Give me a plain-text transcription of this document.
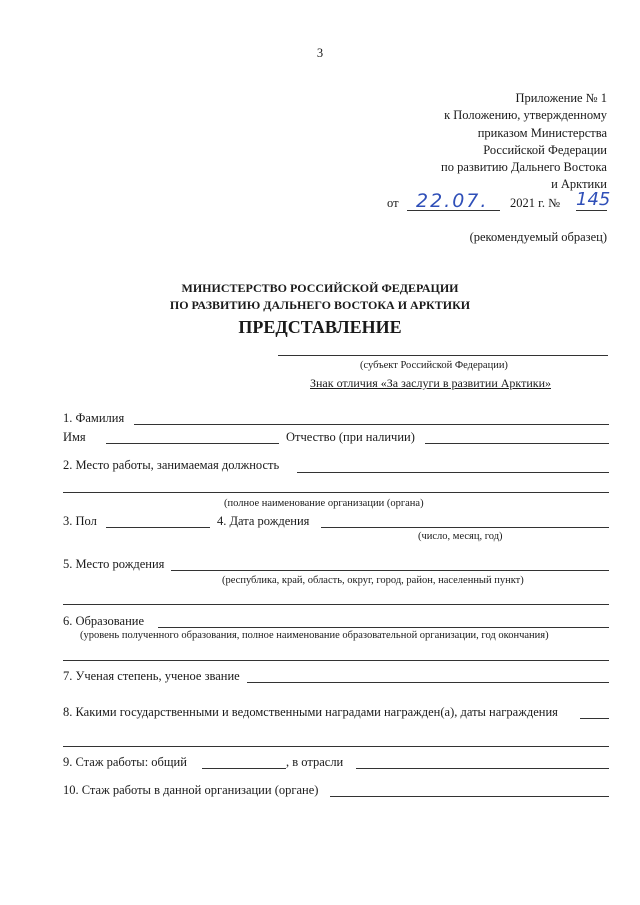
3
Приложение № 1
к Положению, утвержденному
приказом Министерства
Российской Федерации
по развитию Дальнего Востока
и Арктики
от 22.07. 2021 г. № 145
(рекомендуемый образец)
МИНИСТЕРСТВО РОССИЙСКОЙ ФЕДЕРАЦИИ
ПО РАЗВИТИЮ ДАЛЬНЕГО ВОСТОКА И АРКТИКИ
ПРЕДСТАВЛЕНИЕ
(субъект Российской Федерации)
Знак отличия «За заслуги в развитии Арктики»
1. Фамилия
Имя	Отчество (при наличии)
2. Место работы, занимаемая должность
(полное наименование организации (органа)
3. Пол	4. Дата рождения
(число, месяц, год)
5. Место рождения
(республика, край, область, округ, город, район, населенный пункт)
6. Образование
(уровень полученного образования, полное наименование образовательной организации, год окончания)
7. Ученая степень, ученое звание
8. Какими государственными и ведомственными наградами награжден(а), даты награждения
9. Стаж работы: общий	, в отрасли
10. Стаж работы в данной организации (органе)
